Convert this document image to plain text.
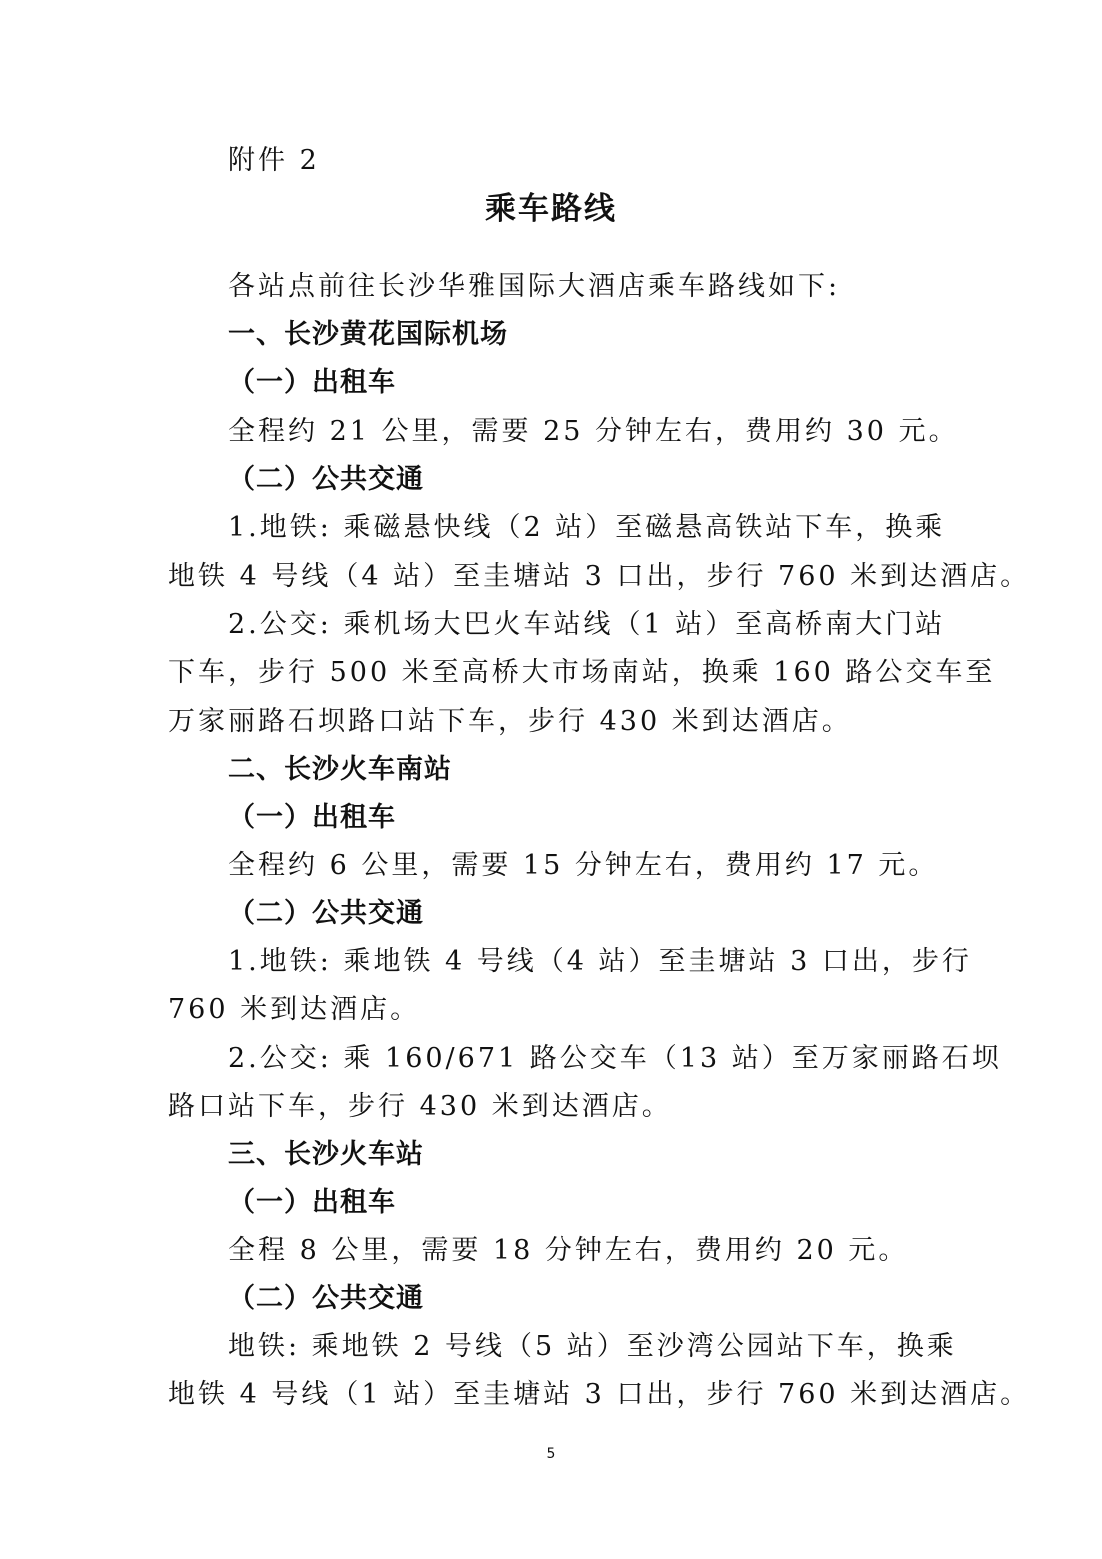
附件 2
乘车路线
各站点前往长沙华雅国际大酒店乘车路线如下:
一、长沙黄花国际机场
（一）出租车
全程约 21 公里，需要 25 分钟左右，费用约 30 元。
（二）公共交通
1.地铁: 乘磁悬快线（2 站）至磁悬高铁站下车，换乘
地铁 4 号线（4 站）至圭塘站 3 口出，步行 760 米到达酒店。
2.公交: 乘机场大巴火车站线（1 站）至高桥南大门站
下车，步行 500 米至高桥大市场南站，换乘 160 路公交车至
万家丽路石坝路口站下车，步行 430 米到达酒店。
二、长沙火车南站
（一）出租车
全程约 6 公里，需要 15 分钟左右，费用约 17 元。
（二）公共交通
1.地铁: 乘地铁 4 号线（4 站）至圭塘站 3 口出，步行
760 米到达酒店。
2.公交: 乘 160/671 路公交车（13 站）至万家丽路石坝
路口站下车，步行 430 米到达酒店。
三、长沙火车站
（一）出租车
全程 8 公里，需要 18 分钟左右，费用约 20 元。
（二）公共交通
地铁: 乘地铁 2 号线（5 站）至沙湾公园站下车，换乘
地铁 4 号线（1 站）至圭塘站 3 口出，步行 760 米到达酒店。
5
